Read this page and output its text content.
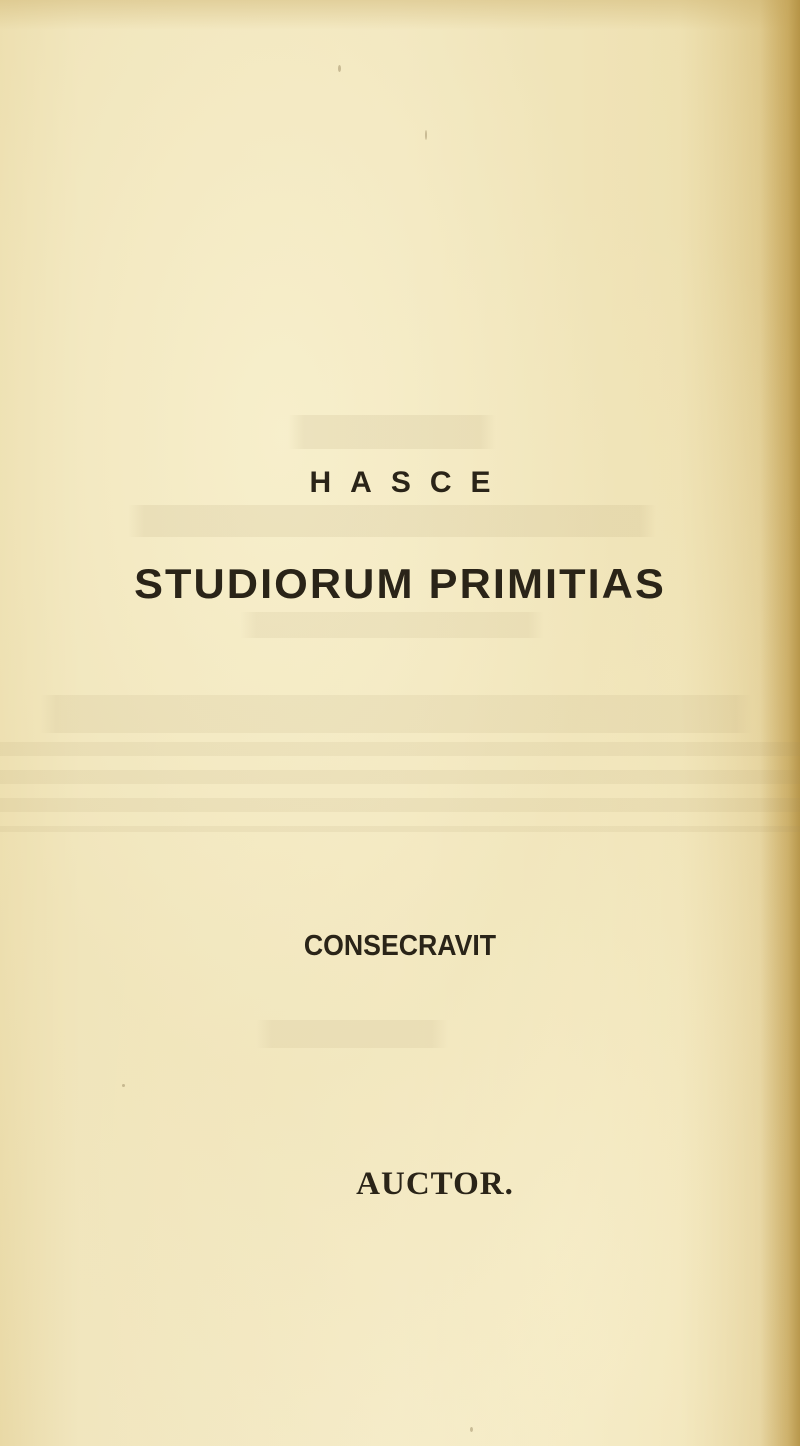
HASCE
STUDIORUM PRIMITIAS
CONSECRAVIT
AUCTOR.
